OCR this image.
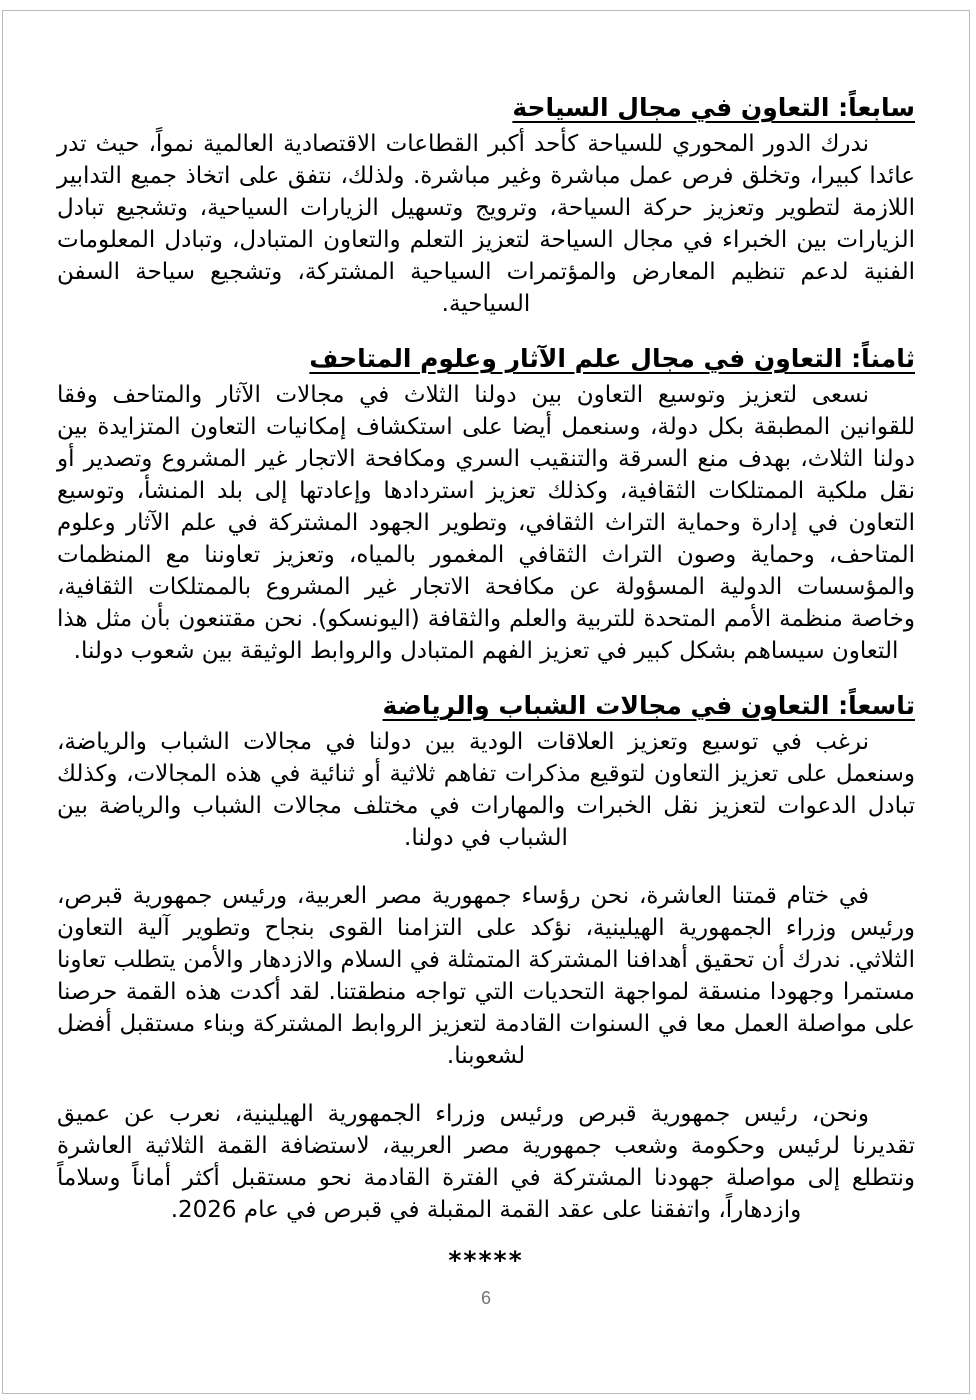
سابعاً: التعاون في مجال السياحة

ندرك الدور المحوري للسياحة كأحد أكبر القطاعات الاقتصادية العالمية نمواً، حيث تدر عائدا كبيرا، وتخلق فرص عمل مباشرة وغير مباشرة. ولذلك، نتفق على اتخاذ جميع التدابير اللازمة لتطوير وتعزيز حركة السياحة، وترويج وتسهيل الزيارات السياحية، وتشجيع تبادل الزيارات بين الخبراء في مجال السياحة لتعزيز التعلم والتعاون المتبادل، وتبادل المعلومات الفنية لدعم تنظيم المعارض والمؤتمرات السياحية المشتركة، وتشجيع سياحة السفن السياحية.

ثامناً: التعاون في مجال علم الآثار وعلوم المتاحف

نسعى لتعزيز وتوسيع التعاون بين دولنا الثلاث في مجالات الآثار والمتاحف وفقا للقوانين المطبقة بكل دولة، وسنعمل أيضا على استكشاف إمكانيات التعاون المتزايدة بين دولنا الثلاث، بهدف منع السرقة والتنقيب السري ومكافحة الاتجار غير المشروع وتصدير أو نقل ملكية الممتلكات الثقافية، وكذلك تعزيز استردادها وإعادتها إلى بلد المنشأ، وتوسيع التعاون في إدارة وحماية التراث الثقافي، وتطوير الجهود المشتركة في علم الآثار وعلوم المتاحف، وحماية وصون التراث الثقافي المغمور بالمياه، وتعزيز تعاوننا مع المنظمات والمؤسسات الدولية المسؤولة عن مكافحة الاتجار غير المشروع بالممتلكات الثقافية، وخاصة منظمة الأمم المتحدة للتربية والعلم والثقافة (اليونسكو). نحن مقتنعون بأن مثل هذا التعاون سيساهم بشكل كبير في تعزيز الفهم المتبادل والروابط الوثيقة بين شعوب دولنا.

تاسعاً: التعاون في مجالات الشباب والرياضة

نرغب في توسيع وتعزيز العلاقات الودية بين دولنا في مجالات الشباب والرياضة، وسنعمل على تعزيز التعاون لتوقيع مذكرات تفاهم ثلاثية أو ثنائية في هذه المجالات، وكذلك تبادل الدعوات لتعزيز نقل الخبرات والمهارات في مختلف مجالات الشباب والرياضة بين الشباب في دولنا.

في ختام قمتنا العاشرة، نحن رؤساء جمهورية مصر العربية، ورئيس جمهورية قبرص، ورئيس وزراء الجمهورية الهيلينية، نؤكد على التزامنا القوى بنجاح وتطوير آلية التعاون الثلاثي. ندرك أن تحقيق أهدافنا المشتركة المتمثلة في السلام والازدهار والأمن يتطلب تعاونا مستمرا وجهودا منسقة لمواجهة التحديات التي تواجه منطقتنا. لقد أكدت هذه القمة حرصنا على مواصلة العمل معا في السنوات القادمة لتعزيز الروابط المشتركة وبناء مستقبل أفضل لشعوبنا.

ونحن، رئيس جمهورية قبرص ورئيس وزراء الجمهورية الهيلينية، نعرب عن عميق تقديرنا لرئيس وحكومة وشعب جمهورية مصر العربية، لاستضافة القمة الثلاثية العاشرة ونتطلع إلى مواصلة جهودنا المشتركة في الفترة القادمة نحو مستقبل أكثر أماناً وسلاماً وازدهاراً، واتفقنا على عقد القمة المقبلة في قبرص في عام 2026.

*****
6
